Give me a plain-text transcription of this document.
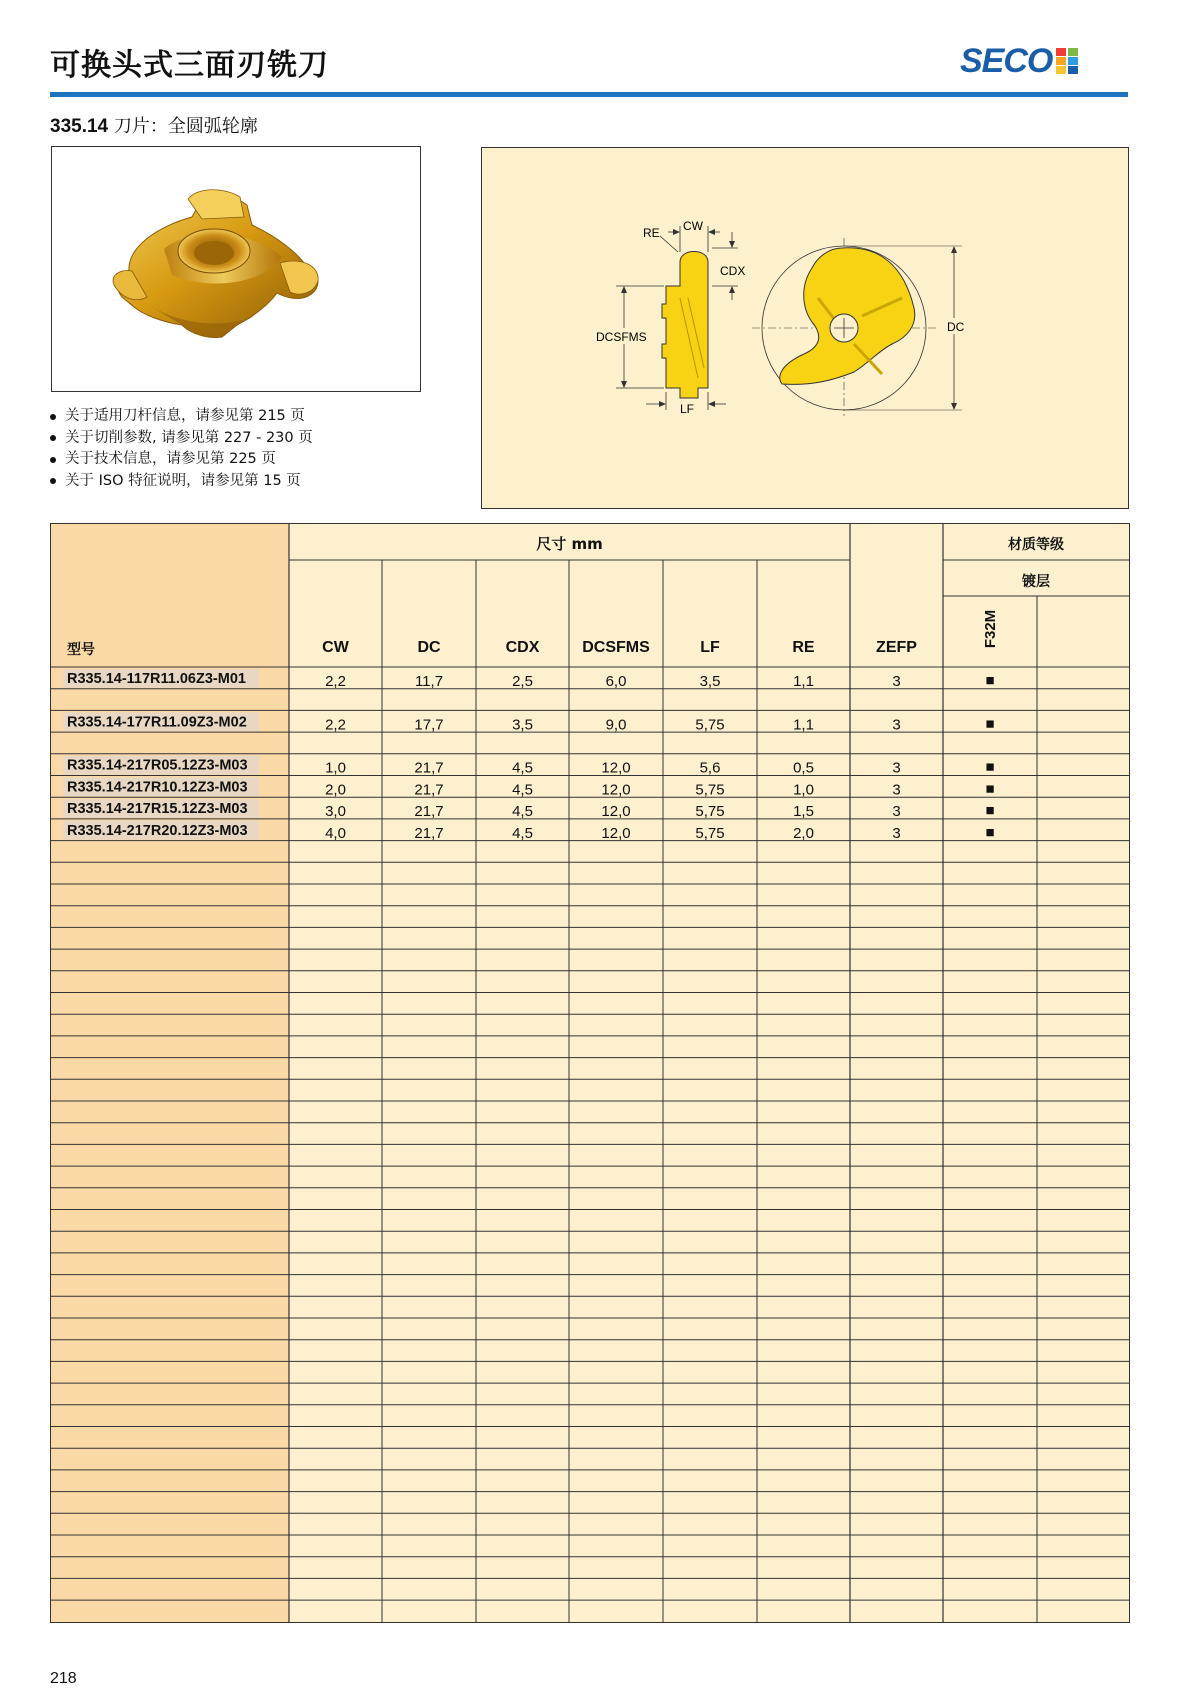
可换头式三面刃铣刀	SECO
335.14 刀片：全圆弧轮廓
CW
RE
CDX
DCSFMS
LF
DC
关于适用刀杆信息，请参见第 215 页
关于切削参数, 请参见第 227 - 230 页
关于技术信息，请参见第 225 页
关于 ISO 特征说明，请参见第 15 页
尺寸 mm	材质等级
镀层
型号	CW	DC	CDX	DCSFMS	LF	RE	ZEFP	F32M
R335.14-117R11.06Z3-M01	2,2	11,7	2,5	6,0	3,5	1,1	3	■
R335.14-177R11.09Z3-M02	2,2	17,7	3,5	9,0	5,75	1,1	3	■
R335.14-217R05.12Z3-M03	1,0	21,7	4,5	12,0	5,6	0,5	3	■
R335.14-217R10.12Z3-M03	2,0	21,7	4,5	12,0	5,75	1,0	3	■
R335.14-217R15.12Z3-M03	3,0	21,7	4,5	12,0	5,75	1,5	3	■
R335.14-217R20.12Z3-M03	4,0	21,7	4,5	12,0	5,75	2,0	3	■
218
